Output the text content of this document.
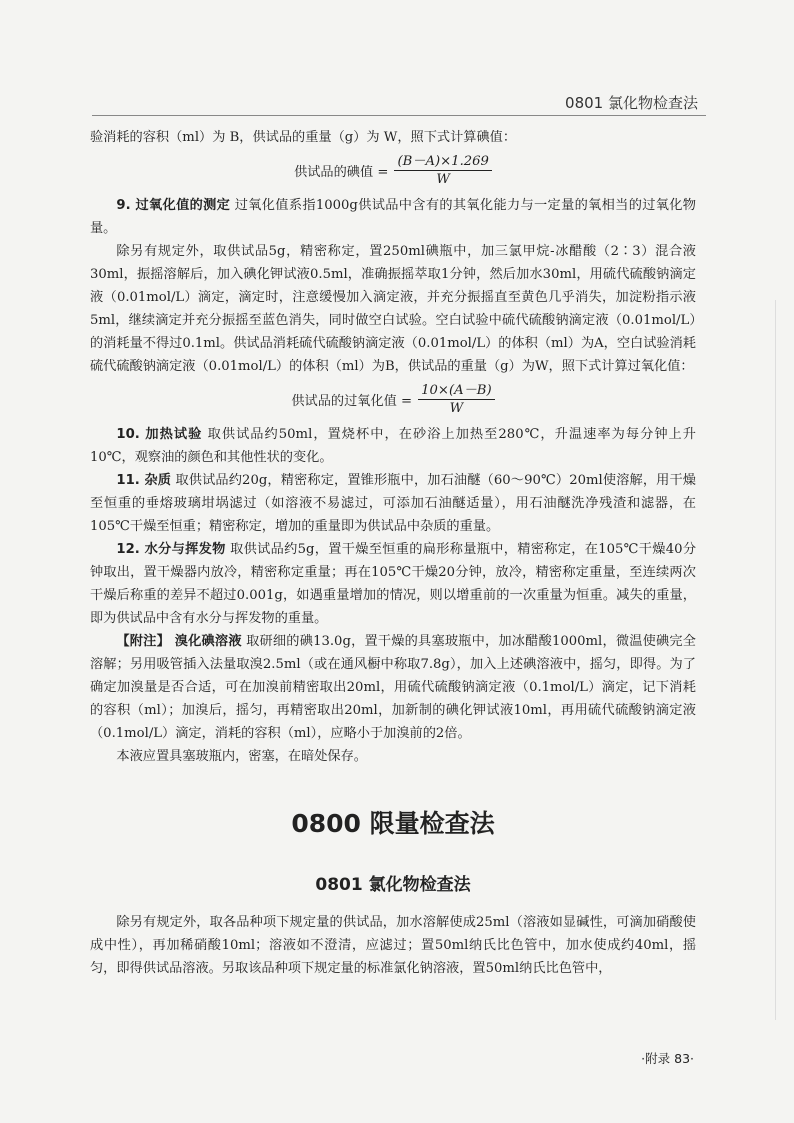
0801 氯化物检查法

验消耗的容积（ml）为 B，供试品的重量（g）为 W，照下式计算碘值：

供试品的碘值 = $\frac{(B-A)\times 1.269}{W}$

9. 过氧化值的测定 过氧化值系指1000g供试品中含有的其氧化能力与一定量的氧相当的过氧化物量。

除另有规定外，取供试品5g，精密称定，置250ml碘瓶中，加三氯甲烷-冰醋酸（2∶3）混合液30ml，振摇溶解后，加入碘化钾试液0.5ml，准确振摇萃取1分钟，然后加水30ml，用硫代硫酸钠滴定液（0.01mol/L）滴定，滴定时，注意缓慢加入滴定液，并充分振摇直至黄色几乎消失，加淀粉指示液5ml，继续滴定并充分振摇至蓝色消失，同时做空白试验。空白试验中硫代硫酸钠滴定液（0.01mol/L）的消耗量不得过0.1ml。供试品消耗硫代硫酸钠滴定液（0.01mol/L）的体积（ml）为A，空白试验消耗硫代硫酸钠滴定液（0.01mol/L）的体积（ml）为B，供试品的重量（g）为W，照下式计算过氧化值：

供试品的过氧化值 = $\frac{10\times(A-B)}{W}$

10. 加热试验 取供试品约50ml，置烧杯中，在砂浴上加热至280℃，升温速率为每分钟上升10℃，观察油的颜色和其他性状的变化。

11. 杂质 取供试品约20g，精密称定，置锥形瓶中，加石油醚（60～90℃）20ml使溶解，用干燥至恒重的垂熔玻璃坩埚滤过（如溶液不易滤过，可添加石油醚适量），用石油醚洗净残渣和滤器，在105℃干燥至恒重；精密称定，增加的重量即为供试品中杂质的重量。

12. 水分与挥发物 取供试品约5g，置干燥至恒重的扁形称量瓶中，精密称定，在105℃干燥40分钟取出，置干燥器内放冷，精密称定重量；再在105℃干燥20分钟，放冷，精密称定重量，至连续两次干燥后称重的差异不超过0.001g，如遇重量增加的情况，则以增重前的一次重量为恒重。减失的重量，即为供试品中含有水分与挥发物的重量。

【附注】 溴化碘溶液 取研细的碘13.0g，置干燥的具塞玻瓶中，加冰醋酸1000ml，微温使碘完全溶解；另用吸管插入法量取溴2.5ml（或在通风橱中称取7.8g），加入上述碘溶液中，摇匀，即得。为了确定加溴量是否合适，可在加溴前精密取出20ml，用硫代硫酸钠滴定液（0.1mol/L）滴定，记下消耗的容积（ml）；加溴后，摇匀，再精密取出20ml，加新制的碘化钾试液10ml，再用硫代硫酸钠滴定液（0.1mol/L）滴定，消耗的容积（ml），应略小于加溴前的2倍。

本液应置具塞玻瓶内，密塞，在暗处保存。

0800 限量检查法
0801 氯化物检查法

除另有规定外，取各品种项下规定量的供试品，加水溶解使成25ml（溶液如显碱性，可滴加硝酸使成中性），再加稀硝酸10ml；溶液如不澄清，应滤过；置50ml纳氏比色管中，加水使成约40ml，摇匀，即得供试品溶液。另取该品种项下规定量的标准氯化钠溶液，置50ml纳氏比色管中，

·附录 83·
